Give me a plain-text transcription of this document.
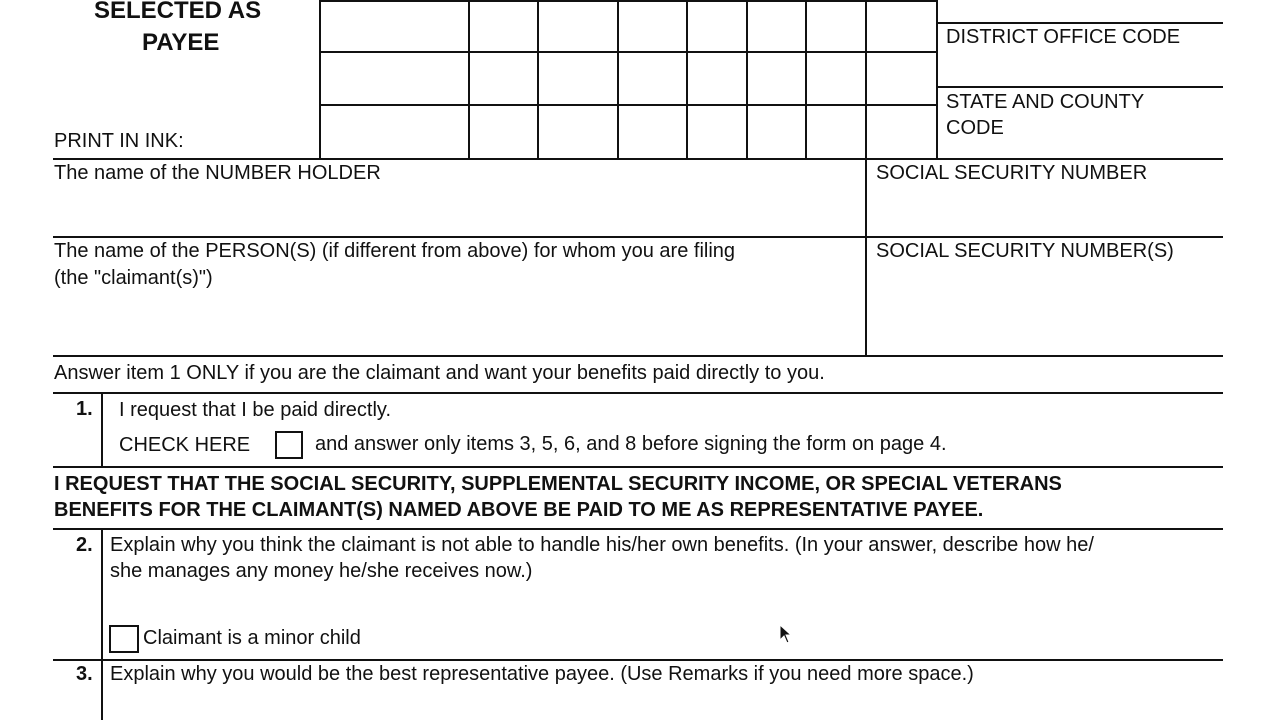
SELECTED AS
PAYEE
PRINT IN INK:
DISTRICT OFFICE CODE
STATE AND COUNTY
CODE
The name of the NUMBER HOLDER	SOCIAL SECURITY NUMBER
The name of the PERSON(S) (if different from above) for whom you are filing
(the "claimant(s)")
SOCIAL SECURITY NUMBER(S)
Answer item 1 ONLY if you are the claimant and want your benefits paid directly to you.
1. I request that I be paid directly.
CHECK HERE	and answer only items 3, 5, 6, and 8 before signing the form on page 4.
I REQUEST THAT THE SOCIAL SECURITY, SUPPLEMENTAL SECURITY INCOME, OR SPECIAL VETERANS
BENEFITS FOR THE CLAIMANT(S) NAMED ABOVE BE PAID TO ME AS REPRESENTATIVE PAYEE.
2. Explain why you think the claimant is not able to handle his/her own benefits. (In your answer, describe how he/
she manages any money he/she receives now.)
Claimant is a minor child
3. Explain why you would be the best representative payee. (Use Remarks if you need more space.)
